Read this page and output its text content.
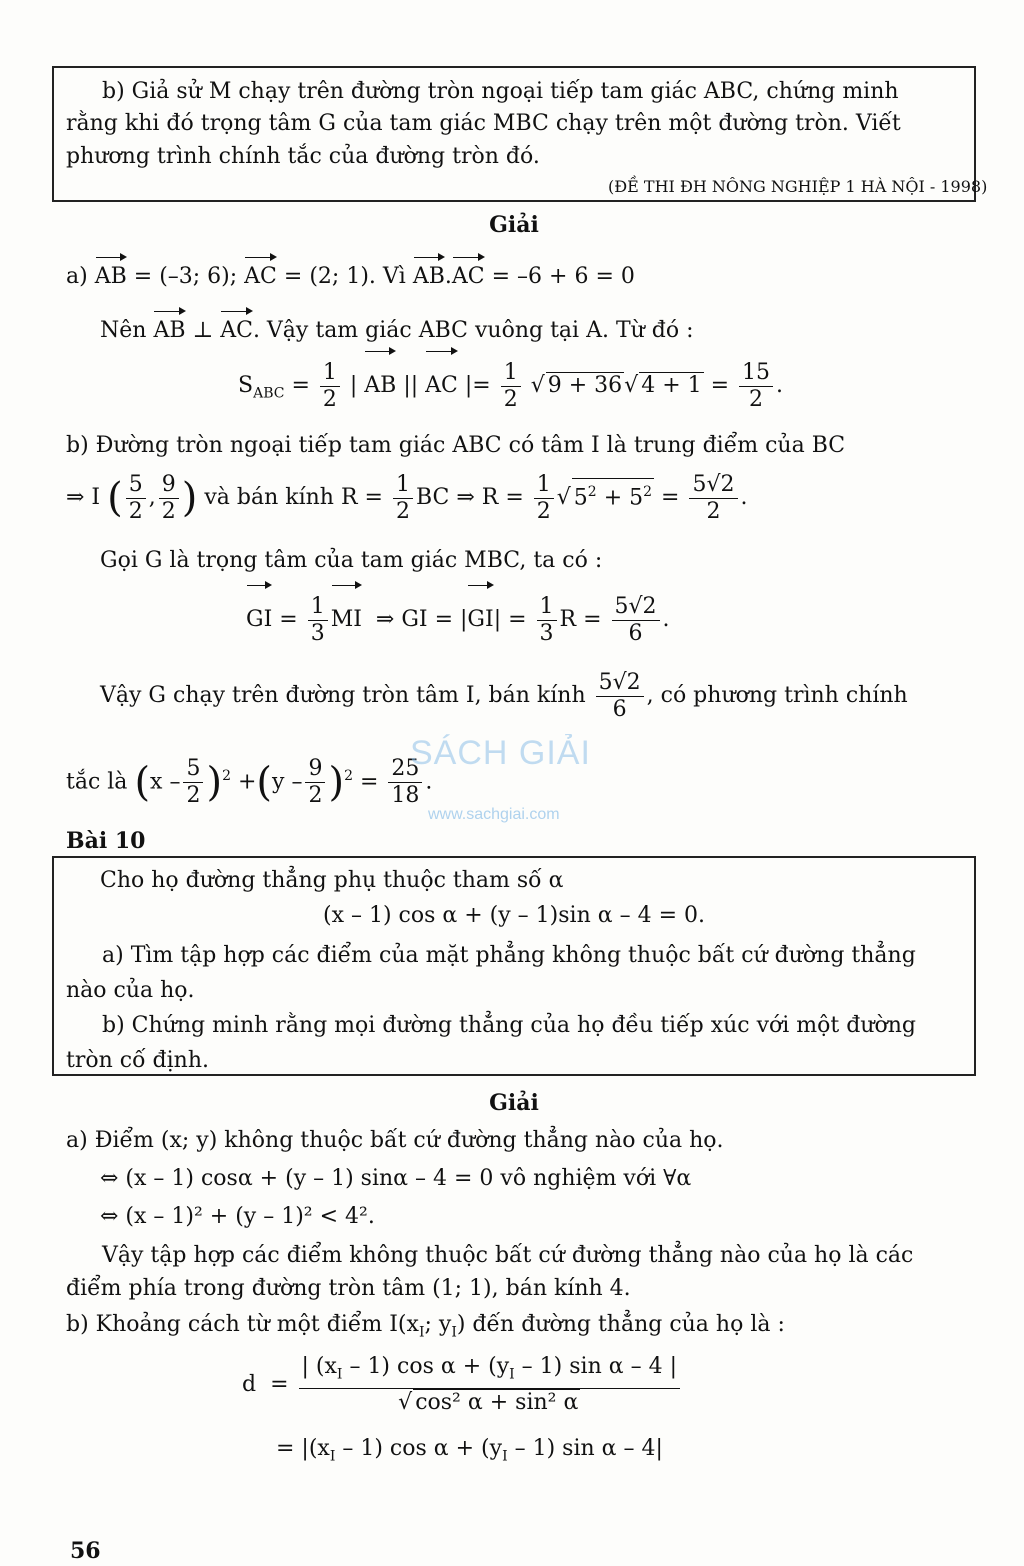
b) Giả sử M chạy trên đường tròn ngoại tiếp tam giác ABC, chứng minh
rằng khi đó trọng tâm G của tam giác MBC chạy trên một đường tròn. Viết
phương trình chính tắc của đường tròn đó.
(ĐỀ THI ĐH NÔNG NGHIỆP 1 HÀ NỘI - 1998)
Giải
a) AB = (–3; 6); AC = (2; 1). Vì AB.AC = –6 + 6 = 0
Nên AB ⊥ AC. Vậy tam giác ABC vuông tại A. Từ đó :
$S_{ABC} = \frac{1}{2}$ | AB || AC |= $\frac{1}{2}$ √ 9 + 36√ $4 + 1 = \frac{15}{2}$ .
b) Đường tròn ngoại tiếp tam giác ABC có tâm I là trung điểm của BC
⇒ I ( $\frac{5}{2}$ , $\frac{9}{2}$ ) và bán kính $R = \frac{1}{2}$ BC ⇒ $R = \frac{1}{2}$ √ $5^2 + 5^2 = \frac{5√2}{2}$ .
Gọi G là trọng tâm của tam giác MBC, ta có :
GI = $\frac{1}{3}$ MI  ⇒ GI = $|GI| = \frac{1}{3}$ $R = \frac{5√2}{6}$ .
Vậy G chạy trên đường tròn tâm I, bán kính $\frac{5√2}{6}$ , có phương trình chính
tắc là $(x - \frac{5}{2} )^2 +(y - \frac{9}{2} )^2 = \frac{25}{18}$ .
SÁCH GIẢI
www.sachgiai.com
Bài 10
Cho họ đường thẳng phụ thuộc tham số α
(x – 1) cos α + (y – 1)sin α – 4 = 0.
a) Tìm tập hợp các điểm của mặt phẳng không thuộc bất cứ đường thẳng
nào của họ.
b) Chứng minh rằng mọi đường thẳng của họ đều tiếp xúc với một đường
tròn cố định.
Giải
a) Điểm (x; y) không thuộc bất cứ đường thẳng nào của họ.
⇔ (x – 1) cosα + (y – 1) sinα – 4 = 0 vô nghiệm với ∀α
⇔ (x – 1)² + (y – 1)² < 4².
Vậy tập hợp các điểm không thuộc bất cứ đường thẳng nào của họ là các
điểm phía trong đường tròn tâm (1; 1), bán kính 4.
b) Khoảng cách từ một điểm $I(x_I$; $y_I$) đến đường thẳng của họ là :
$d = \frac{| (x_I - 1) \cos \alpha + (y_I - 1) \sin \alpha - 4 |}{\text{√ cos² α + sin² α}}$
= $|(x_I - 1)$ $\cos \alpha + (y_I - 1)$ sin α – 4|
56
